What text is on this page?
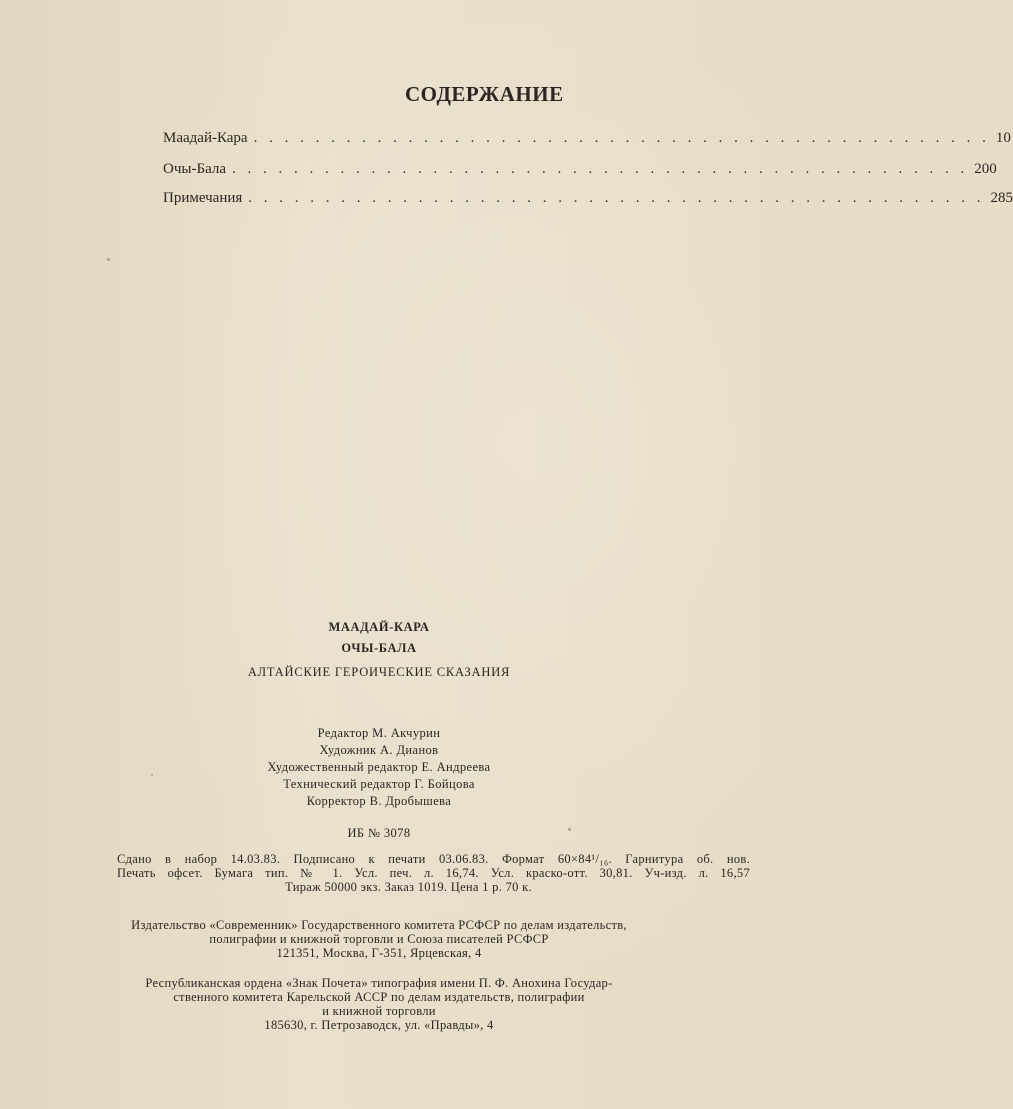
СОДЕРЖАНИЕ
Маадай-Кара . . . . . . . . . . . . . . . . . . . . . . . . . . . . . . . . . . . . . . . . . . . . . . . . 10
Очы-Бала . . . . . . . . . . . . . . . . . . . . . . . . . . . . . . . . . . . . . . . . . . . . . . . . 200
Примечания . . . . . . . . . . . . . . . . . . . . . . . . . . . . . . . . . . . . . . . . . . . . . . . . 285
МААДАЙ-КАРА
ОЧЫ-БАЛА
АЛТАЙСКИЕ ГЕРОИЧЕСКИЕ СКАЗАНИЯ
Редактор М. Акчурин
Художник А. Дианов
Художественный редактор Е. Андреева
Технический редактор Г. Бойцова
Корректор В. Дробышева
ИБ № 3078
Сдано в набор 14.03.83. Подписано к печати 03.06.83. Формат 60×84¹/₁₆. Гарнитура об. нов.
Печать офсет. Бумага тип. № 1. Усл. печ. л. 16,74. Усл. краско-отт. 30,81. Уч-изд. л. 16,57
Тираж 50000 экз. Заказ 1019. Цена 1 р. 70 к.
Издательство «Современник» Государственного комитета РСФСР по делам издательств,
полиграфии и книжной торговли и Союза писателей РСФСР
121351, Москва, Г-351, Ярцевская, 4
Республиканская ордена «Знак Почета» типография имени П. Ф. Анохина Государ-
ственного комитета Карельской АССР по делам издательств, полиграфии
и книжной торговли
185630, г. Петрозаводск, ул. «Правды», 4
